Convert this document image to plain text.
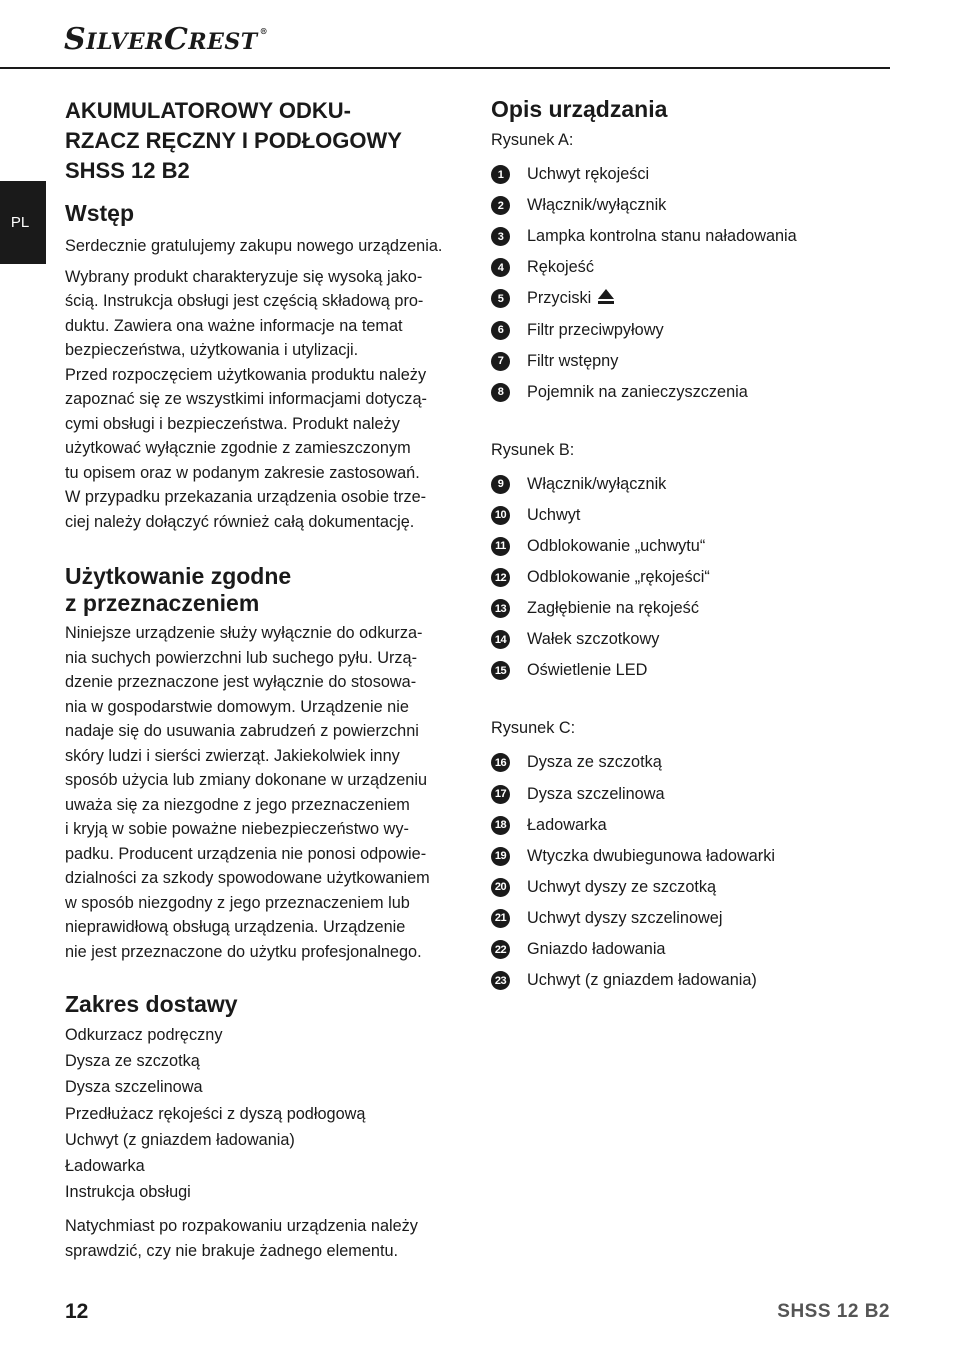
SILVERCREST ®
PL
AKUMULATOROWY ODKU-
RZACZ RĘCZNY I PODŁOGOWY
SHSS 12 B2
Wstęp
Serdecznie gratulujemy zakupu nowego urządzenia.
Wybrany produkt charakteryzuje się wysoką jako-
ścią. Instrukcja obsługi jest częścią składową pro-
duktu. Zawiera ona ważne informacje na temat
bezpieczeństwa, użytkowania i utylizacji.
Przed rozpoczęciem użytkowania produktu należy
zapoznać się ze wszystkimi informacjami dotyczą-
cymi obsługi i bezpieczeństwa. Produkt należy
użytkować wyłącznie zgodnie z zamieszczonym
tu opisem oraz w podanym zakresie zastosowań.
W przypadku przekazania urządzenia osobie trze-
ciej należy dołączyć również całą dokumentację.
Użytkowanie zgodne
z przeznaczeniem
Niniejsze urządzenie służy wyłącznie do odkurza-
nia suchych powierzchni lub suchego pyłu. Urzą-
dzenie przeznaczone jest wyłącznie do stosowa-
nia w gospodarstwie domowym. Urządzenie nie
nadaje się do usuwania zabrudzeń z powierzchni
skóry ludzi i sierści zwierząt. Jakiekolwiek inny
sposób użycia lub zmiany dokonane w urządzeniu
uważa się za niezgodne z jego przeznaczeniem
i kryją w sobie poważne niebezpieczeństwo wy-
padku. Producent urządzenia nie ponosi odpowie-
dzialności za szkody spowodowane użytkowaniem
w sposób niezgodny z jego przeznaczeniem lub
nieprawidłową obsługą urządzenia. Urządzenie
nie jest przeznaczone do użytku profesjonalnego.
Zakres dostawy
Odkurzacz podręczny
Dysza ze szczotką
Dysza szczelinowa
Przedłużacz rękojeści z dyszą podłogową
Uchwyt (z gniazdem ładowania)
Ładowarka
Instrukcja obsługi
Natychmiast po rozpakowaniu urządzenia należy
sprawdzić, czy nie brakuje żadnego elementu.
Opis urządzania
Rysunek A:
1	Uchwyt rękojeści
2	Włącznik/wyłącznik
3	Lampka kontrolna stanu naładowania
4	Rękojeść
5	Przyciski
6	Filtr przeciwpyłowy
7	Filtr wstępny
8	Pojemnik na zanieczyszczenia
Rysunek B:
9	Włącznik/wyłącznik
10 Uchwyt
11 Odblokowanie „uchwytu“
12 Odblokowanie „rękojeści“
13 Zagłębienie na rękojeść
14 Wałek szczotkowy
15 Oświetlenie LED
Rysunek C:
16 Dysza ze szczotką
17 Dysza szczelinowa
18 Ładowarka
19 Wtyczka dwubiegunowa ładowarki
20 Uchwyt dyszy ze szczotką
21 Uchwyt dyszy szczelinowej
22 Gniazdo ładowania
23 Uchwyt (z gniazdem ładowania)
12	SHSS 12 B2
